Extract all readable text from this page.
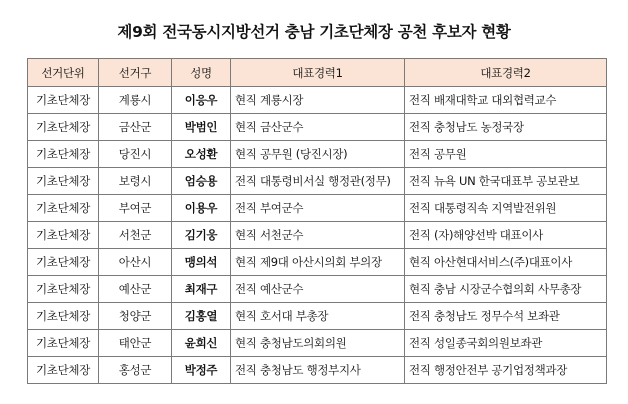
제9회 전국동시지방선거 충남 기초단체장 공천 후보자 현황
선거단위	선거구	성명	대표경력1	대표경력2
기초단체장	계룡시	이응우	현직 계룡시장	전직 배재대학교 대외협력교수
기초단체장	금산군	박범인	현직 금산군수	전직 충청남도 농정국장
기초단체장	당진시	오성환	현직 공무원 (당진시장)	전직 공무원
기초단체장	보령시	엄승용	전직 대통령비서실 행정관(정무)	전직 뉴욕 UN 한국대표부 공보관보
기초단체장	부여군	이용우	전직 부여군수	전직 대통령직속 지역발전위원
기초단체장	서천군	김기웅	현직 서천군수	전직 (자)해양선박 대표이사
기초단체장	아산시	맹의석	현직 제9대 아산시의회 부의장	현직 아산현대서비스(주)대표이사
기초단체장	예산군	최재구	전직 예산군수	현직 충남 시장군수협의회 사무총장
기초단체장	청양군	김홍열	현직 호서대 부총장	전직 충청남도 정무수석 보좌관
기초단체장	태안군	윤희신	현직 충청남도의회의원	전직 성일종국회의원보좌관
기초단체장	홍성군	박정주	전직 충청남도 행정부지사	전직 행정안전부 공기업정책과장
